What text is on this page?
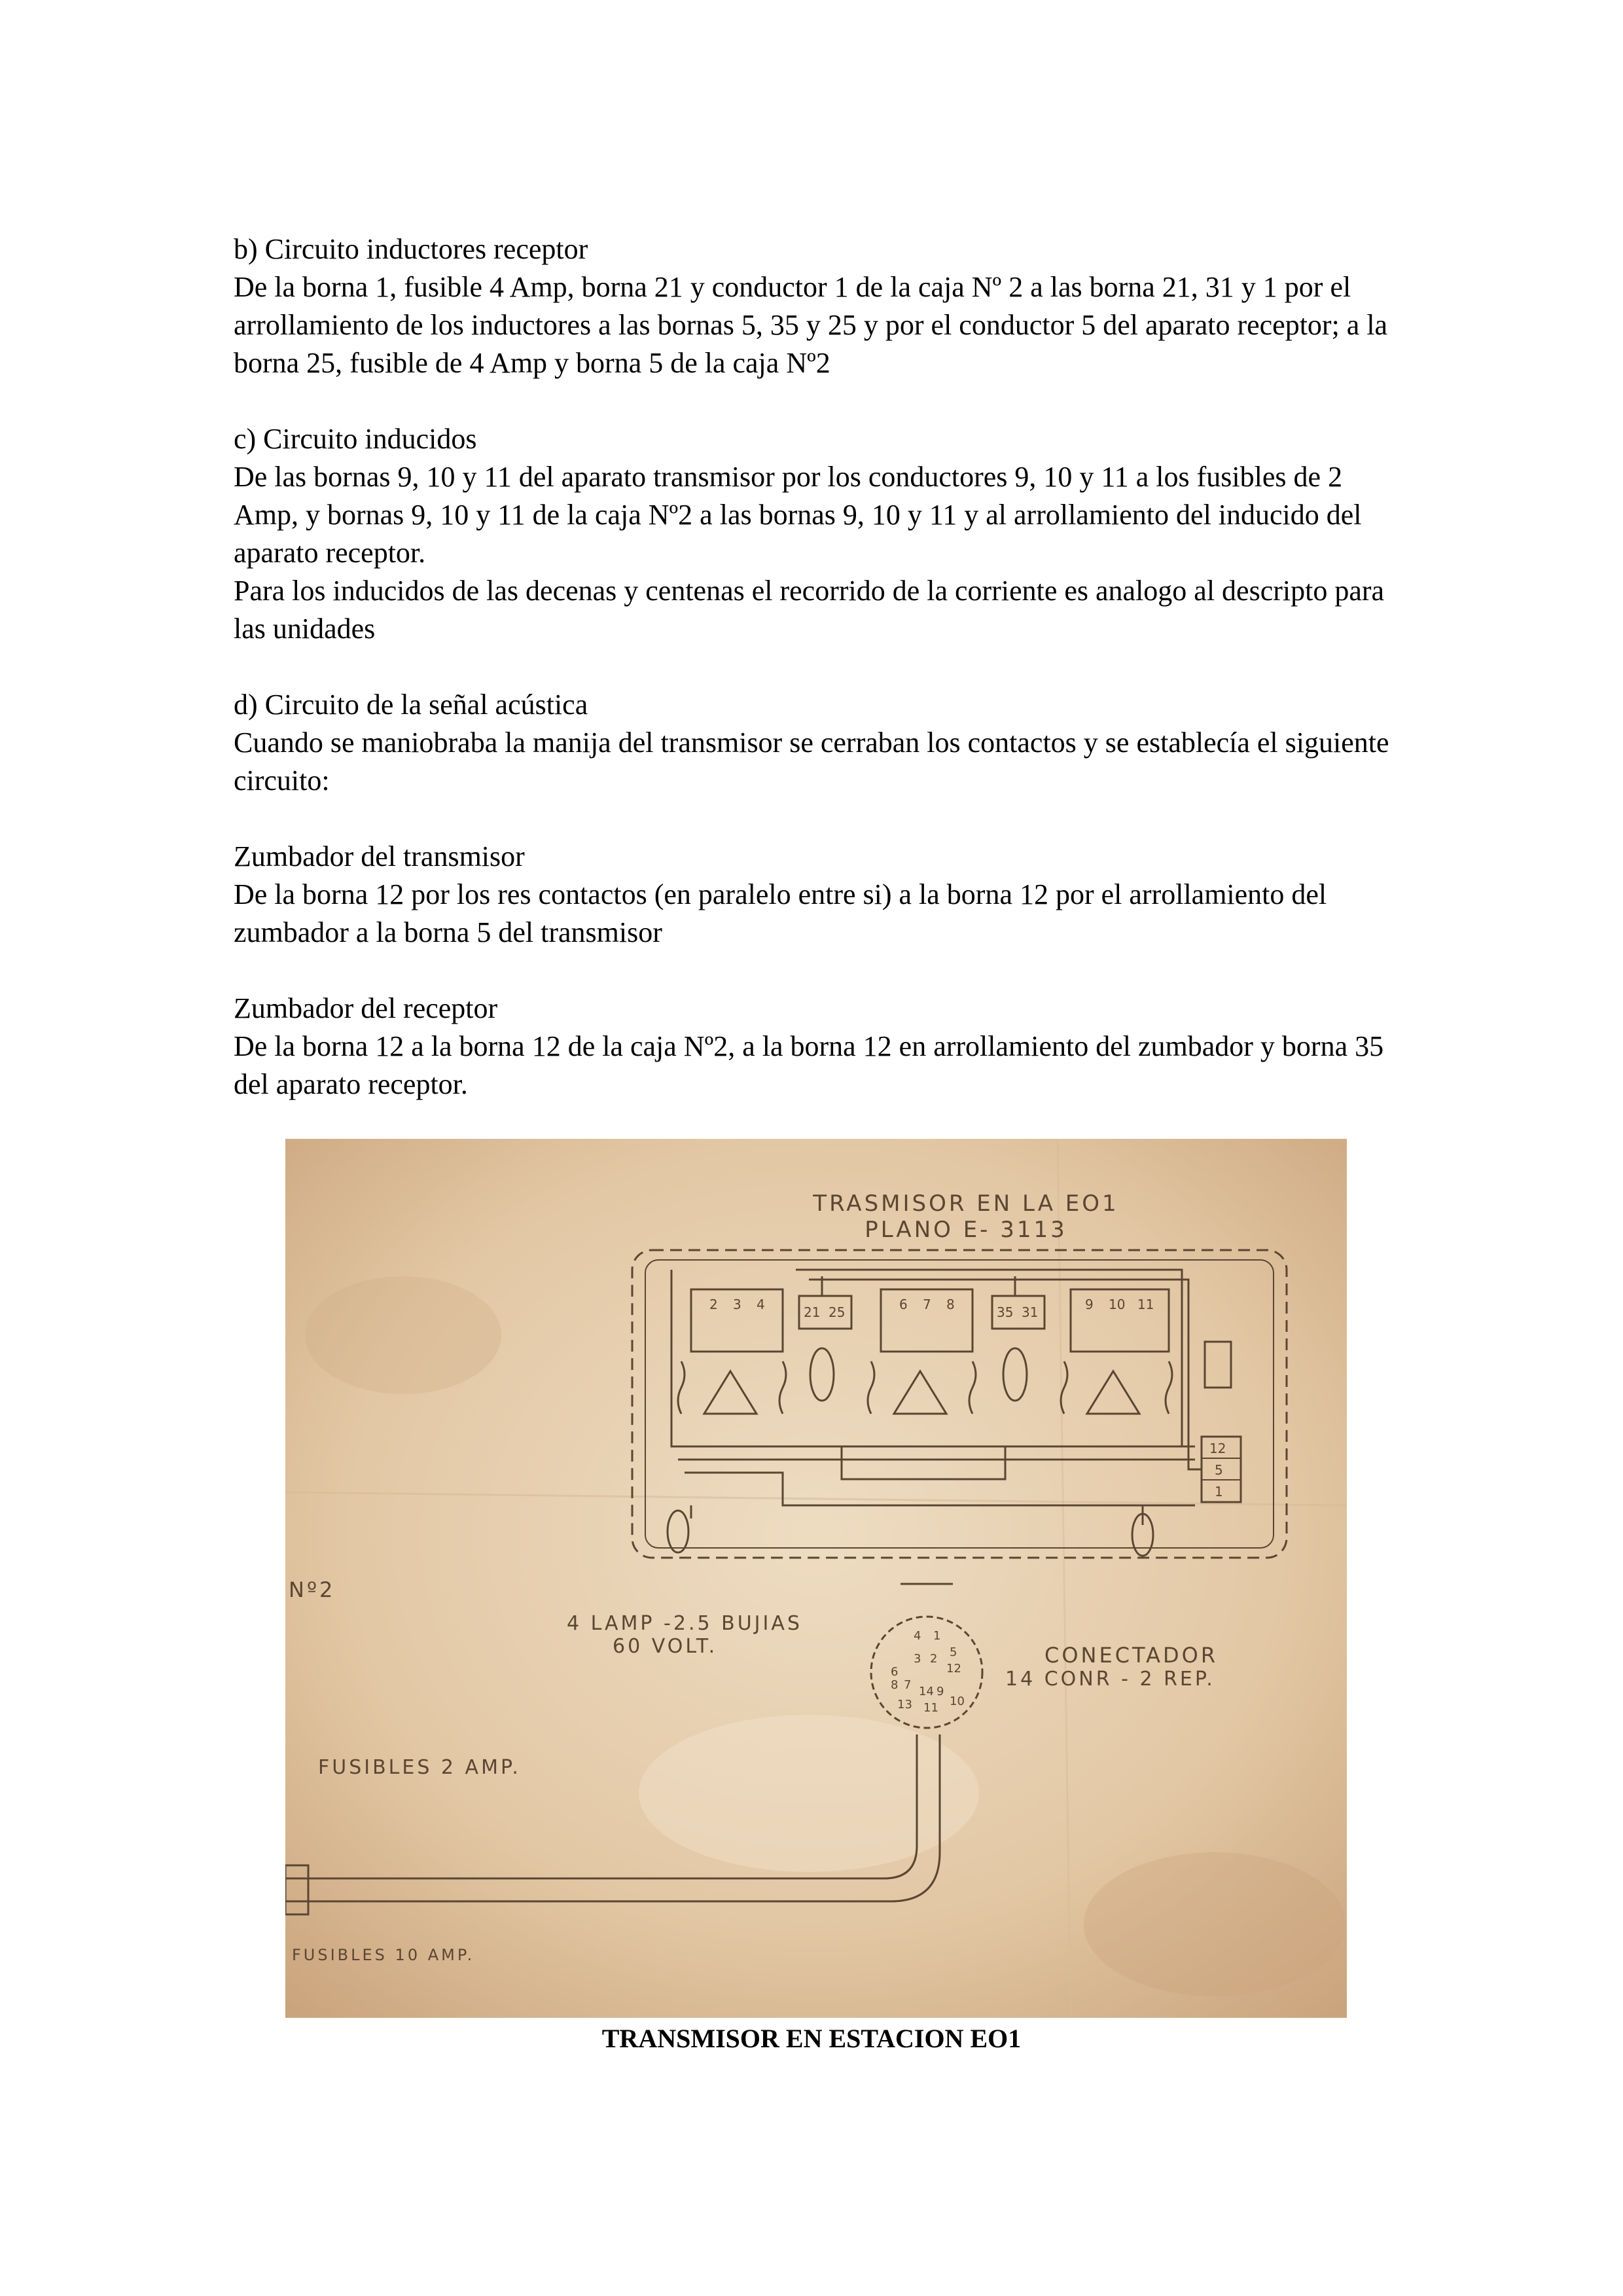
b) Circuito inductores receptor

De la borna 1, fusible 4 Amp, borna 21 y conductor 1 de la caja Nº 2 a las borna 21, 31 y 1 por el arrollamiento de los inductores a las bornas 5, 35 y 25 y por el conductor 5 del aparato receptor; a la borna 25, fusible de 4 Amp y borna 5 de la caja Nº2

c) Circuito inducidos

De las bornas 9, 10 y 11 del aparato transmisor por los conductores 9, 10 y 11 a los fusibles de 2 Amp, y bornas 9, 10 y 11 de la caja Nº2 a las bornas 9, 10 y 11 y al arrollamiento del inducido del aparato receptor.

Para los inducidos de las decenas y centenas el recorrido de la corriente es analogo al descripto para las unidades

d) Circuito de la señal acústica

Cuando se maniobraba la manija del transmisor se cerraban los contactos y se establecía el siguiente circuito:

Zumbador del transmisor

De la borna 12 por los res contactos (en paralelo entre si) a la borna 12 por el arrollamiento del zumbador a la borna 5 del transmisor

Zumbador del receptor

De la borna 12 a la borna 12 de la caja Nº2, a la borna 12 en arrollamiento del zumbador y borna 35 del aparato receptor.

TRASMISOR EN LA EO1
PLANO E- 3113
2 3 4	21 25	6 7 8	35 31	9 10 11
12
5
1
Nº2
4 LAMP -2.5 BUJIAS
60 VOLT.	4 1
5
3 2
12
6
8 7 14 9
13 11 10
CONECTADOR
14 CONR - 2 REP.
FUSIBLES 2 AMP.
FUSIBLES 10 AMP.
TRANSMISOR EN ESTACION EO1
